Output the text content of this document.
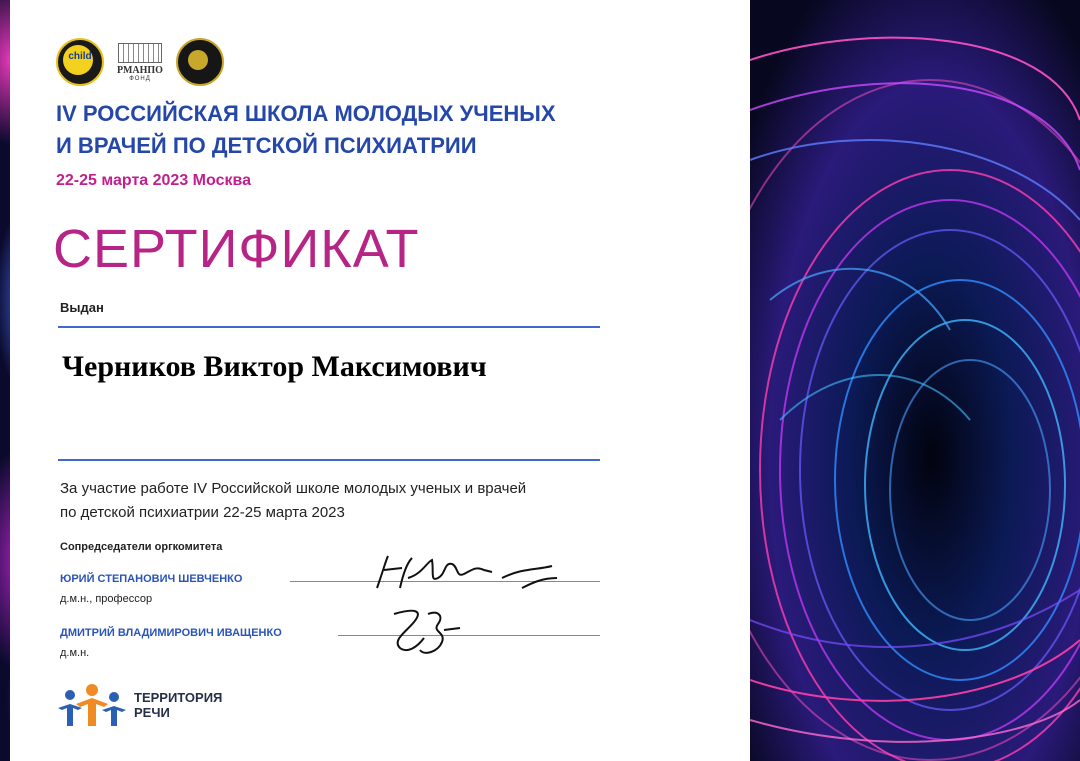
child
РМАНПО
ФОНД
IV РОССИЙСКАЯ ШКОЛА МОЛОДЫХ УЧЕНЫХ
И ВРАЧЕЙ ПО ДЕТСКОЙ ПСИХИАТРИИ
22-25 марта 2023 Москва
СЕРТИФИКАТ
Выдан
Черников Виктор Максимович
За участие работе IV Российской школе молодых ученых и врачей
по детской психиатрии 22-25 марта 2023
Сопредседатели оргкомитета
ЮРИЙ СТЕПАНОВИЧ ШЕВЧЕНКО
д.м.н., профессор
ДМИТРИЙ ВЛАДИМИРОВИЧ ИВАЩЕНКО
д.м.н.
ТЕРРИТОРИЯ
РЕЧИ
